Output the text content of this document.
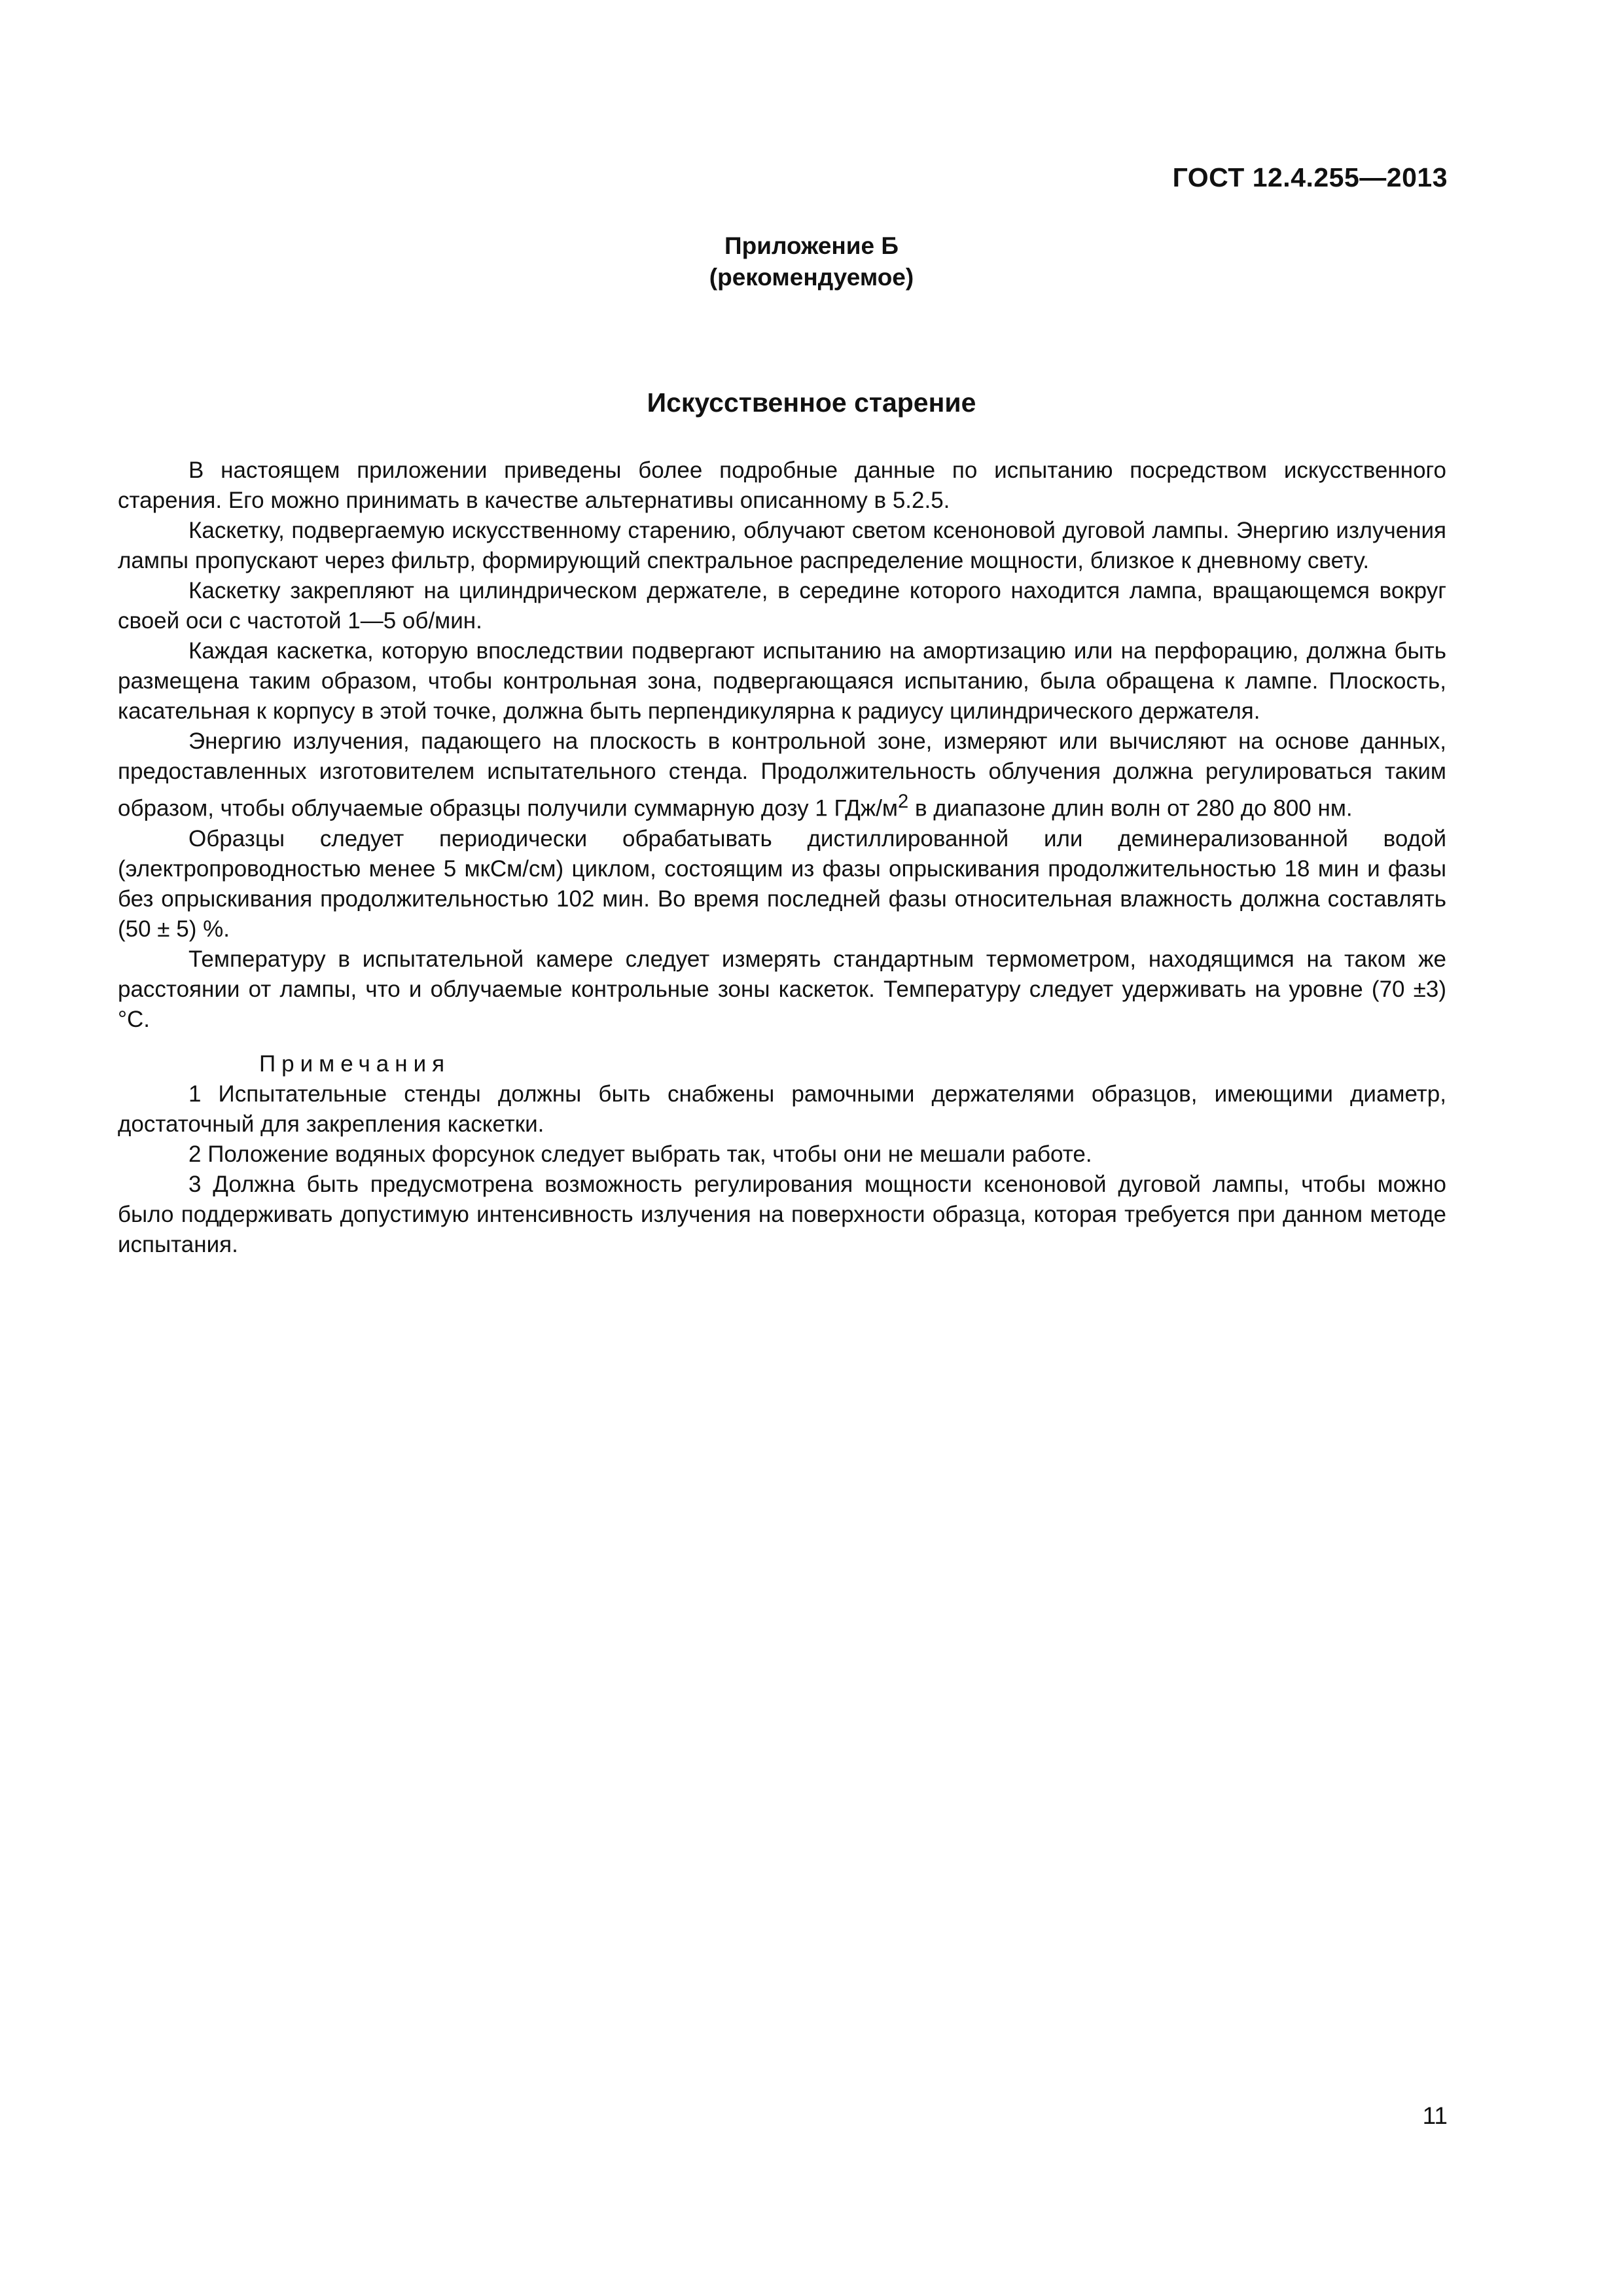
ГОСТ 12.4.255—2013

Приложение Б
(рекомендуемое)
Искусственное старение

В настоящем приложении приведены более подробные данные по испытанию посредством искусственного старения. Его можно принимать в качестве альтернативы описанному в 5.2.5.

Каскетку, подвергаемую искусственному старению, облучают светом ксеноновой дуговой лампы. Энергию излучения лампы пропускают через фильтр, формирующий спектральное распределение мощности, близкое к дневному свету.

Каскетку закрепляют на цилиндрическом держателе, в середине которого находится лампа, вращающемся вокруг своей оси с частотой 1—5 об/мин.

Каждая каскетка, которую впоследствии подвергают испытанию на амортизацию или на перфорацию, должна быть размещена таким образом, чтобы контрольная зона, подвергающаяся испытанию, была обращена к лампе. Плоскость, касательная к корпусу в этой точке, должна быть перпендикулярна к радиусу цилиндрического держателя.

Энергию излучения, падающего на плоскость в контрольной зоне, измеряют или вычисляют на основе данных, предоставленных изготовителем испытательного стенда. Продолжительность облучения должна регулироваться таким образом, чтобы облучаемые образцы получили суммарную дозу 1 ГДж/$м^2$ в диапазоне длин волн от 280 до 800 нм.

Образцы следует периодически обрабатывать дистиллированной или деминерализованной водой (электропроводностью менее 5 мкСм/см) циклом, состоящим из фазы опрыскивания продолжительностью 18 мин и фазы без опрыскивания продолжительностью 102 мин. Во время последней фазы относительная влажность должна составлять (50 ± 5) %.

Температуру в испытательной камере следует измерять стандартным термометром, находящимся на таком же расстоянии от лампы, что и облучаемые контрольные зоны каскеток. Температуру следует удерживать на уровне (70 ±3) °С.

Примечания

1 Испытательные стенды должны быть снабжены рамочными держателями образцов, имеющими диаметр, достаточный для закрепления каскетки.

2 Положение водяных форсунок следует выбрать так, чтобы они не мешали работе.

3 Должна быть предусмотрена возможность регулирования мощности ксеноновой дуговой лампы, чтобы можно было поддерживать допустимую интенсивность излучения на поверхности образца, которая требуется при данном методе испытания.

11
